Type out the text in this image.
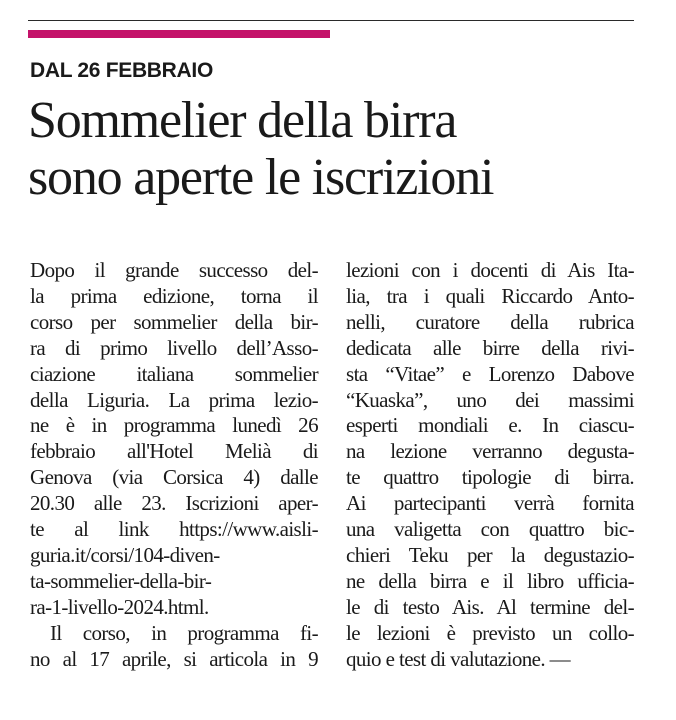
DAL 26 FEBBRAIO
Sommelier della birra
sono aperte le iscrizioni
Dopo il grande successo del-
la prima edizione, torna il
corso per sommelier della bir-
ra di primo livello dell’Asso-
ciazione italiana sommelier
della Liguria. La prima lezio-
ne è in programma lunedì 26
febbraio all'Hotel Melià di
Genova (via Corsica 4) dalle
20.30 alle 23. Iscrizioni aper-
te al link https://www.aisli-
guria.it/corsi/104-diven-
ta-sommelier-della-bir-
ra-1-livello-2024.html.
Il corso, in programma fi-
no al 17 aprile, si articola in 9
lezioni con i docenti di Ais Ita-
lia, tra i quali Riccardo Anto-
nelli, curatore della rubrica
dedicata alle birre della rivi-
sta “Vitae” e Lorenzo Dabove
“Kuaska”, uno dei massimi
esperti mondiali e. In ciascu-
na lezione verranno degusta-
te quattro tipologie di birra.
Ai partecipanti verrà fornita
una valigetta con quattro bic-
chieri Teku per la degustazio-
ne della birra e il libro ufficia-
le di testo Ais. Al termine del-
le lezioni è previsto un collo-
quio e test di valutazione. —
